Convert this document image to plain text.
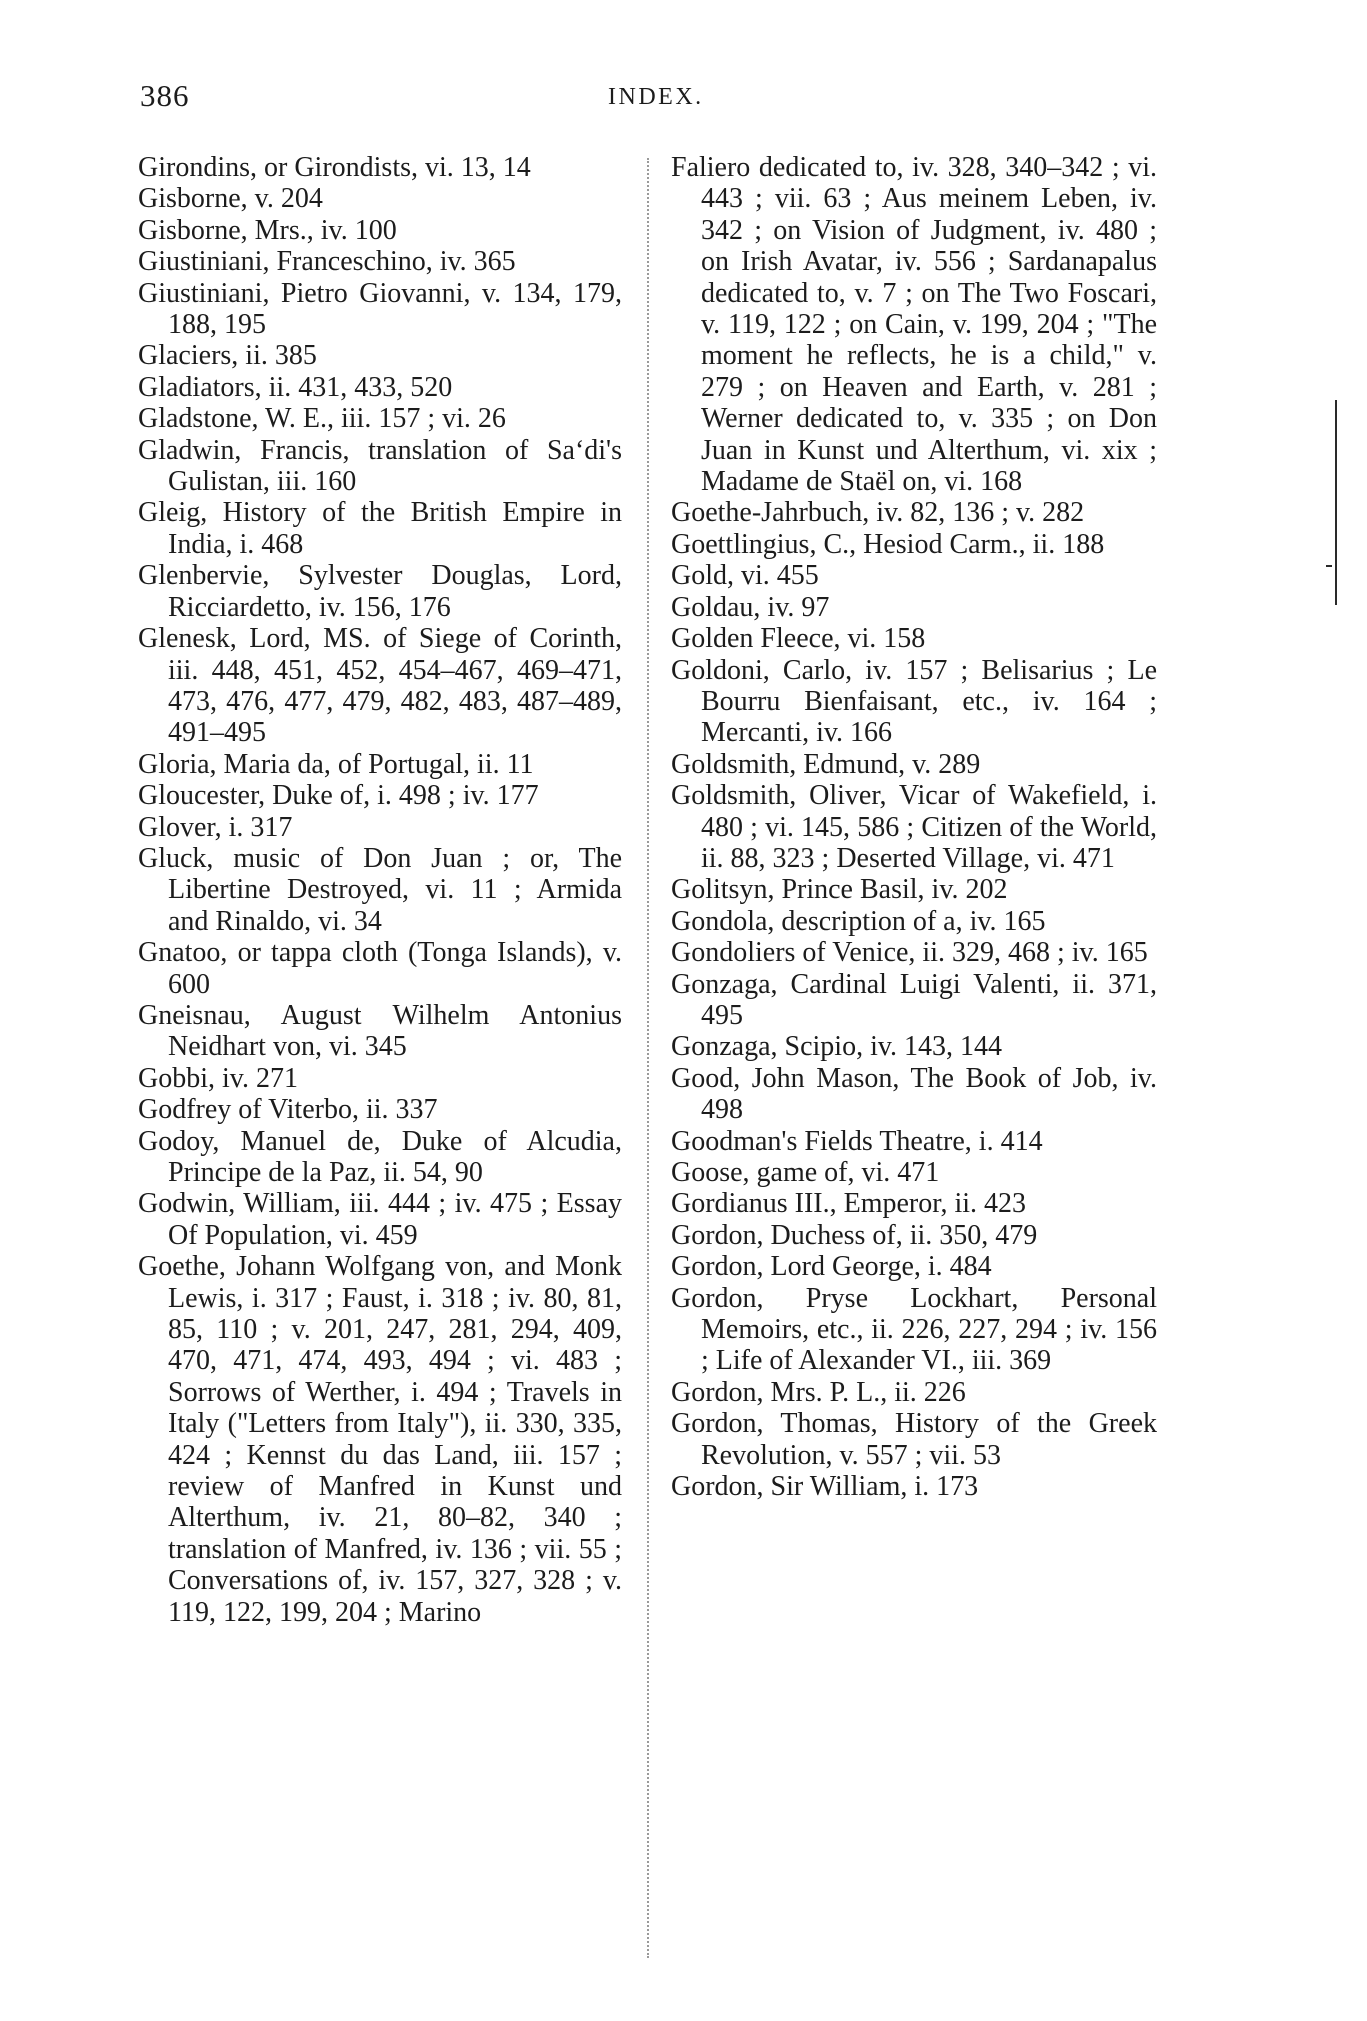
386	INDEX.
Girondins, or Girondists, vi. 13, 14
Gisborne, v. 204
Gisborne, Mrs., iv. 100
Giustiniani, Franceschino, iv. 365
Giustiniani, Pietro Giovanni, v. 134, 179, 188, 195
Glaciers, ii. 385
Gladiators, ii. 431, 433, 520
Gladstone, W. E., iii. 157 ; vi. 26
Gladwin, Francis, translation of Sa‘di's Gulistan, iii. 160
Gleig, History of the British Empire in India, i. 468
Glenbervie, Sylvester Douglas, Lord, Ricciardetto, iv. 156, 176
Glenesk, Lord, MS. of Siege of Corinth, iii. 448, 451, 452, 454–467, 469–471, 473, 476, 477, 479, 482, 483, 487–489, 491–495
Gloria, Maria da, of Portugal, ii. 11
Gloucester, Duke of, i. 498 ; iv. 177
Glover, i. 317
Gluck, music of Don Juan ; or, The Libertine Destroyed, vi. 11 ; Armida and Rinaldo, vi. 34
Gnatoo, or tappa cloth (Tonga Islands), v. 600
Gneisnau, August Wilhelm Antonius Neidhart von, vi. 345
Gobbi, iv. 271
Godfrey of Viterbo, ii. 337
Godoy, Manuel de, Duke of Alcudia, Principe de la Paz, ii. 54, 90
Godwin, William, iii. 444 ; iv. 475 ; Essay Of Population, vi. 459
Goethe, Johann Wolfgang von, and Monk Lewis, i. 317 ; Faust, i. 318 ; iv. 80, 81, 85, 110 ; v. 201, 247, 281, 294, 409, 470, 471, 474, 493, 494 ; vi. 483 ; Sorrows of Werther, i. 494 ; Travels in Italy ("Letters from Italy"), ii. 330, 335, 424 ; Kennst du das Land, iii. 157 ; review of Manfred in Kunst und Alterthum, iv. 21, 80–82, 340 ; translation of Manfred, iv. 136 ; vii. 55 ; Conversations of, iv. 157, 327, 328 ; v. 119, 122, 199, 204 ; Marino
Faliero dedicated to, iv. 328, 340–342 ; vi. 443 ; vii. 63 ; Aus meinem Leben, iv. 342 ; on Vision of Judgment, iv. 480 ; on Irish Avatar, iv. 556 ; Sardanapalus dedicated to, v. 7 ; on The Two Foscari, v. 119, 122 ; on Cain, v. 199, 204 ; "The moment he reflects, he is a child," v. 279 ; on Heaven and Earth, v. 281 ; Werner dedicated to, v. 335 ; on Don Juan in Kunst und Alterthum, vi. xix ; Madame de Staël on, vi. 168
Goethe-Jahrbuch, iv. 82, 136 ; v. 282
Goettlingius, C., Hesiod Carm., ii. 188
Gold, vi. 455
Goldau, iv. 97
Golden Fleece, vi. 158
Goldoni, Carlo, iv. 157 ; Belisarius ; Le Bourru Bienfaisant, etc., iv. 164 ; Mercanti, iv. 166
Goldsmith, Edmund, v. 289
Goldsmith, Oliver, Vicar of Wakefield, i. 480 ; vi. 145, 586 ; Citizen of the World, ii. 88, 323 ; Deserted Village, vi. 471
Golitsyn, Prince Basil, iv. 202
Gondola, description of a, iv. 165
Gondoliers of Venice, ii. 329, 468 ; iv. 165
Gonzaga, Cardinal Luigi Valenti, ii. 371, 495
Gonzaga, Scipio, iv. 143, 144
Good, John Mason, The Book of Job, iv. 498
Goodman's Fields Theatre, i. 414
Goose, game of, vi. 471
Gordianus III., Emperor, ii. 423
Gordon, Duchess of, ii. 350, 479
Gordon, Lord George, i. 484
Gordon, Pryse Lockhart, Personal Memoirs, etc., ii. 226, 227, 294 ; iv. 156 ; Life of Alexander VI., iii. 369
Gordon, Mrs. P. L., ii. 226
Gordon, Thomas, History of the Greek Revolution, v. 557 ; vii. 53
Gordon, Sir William, i. 173
